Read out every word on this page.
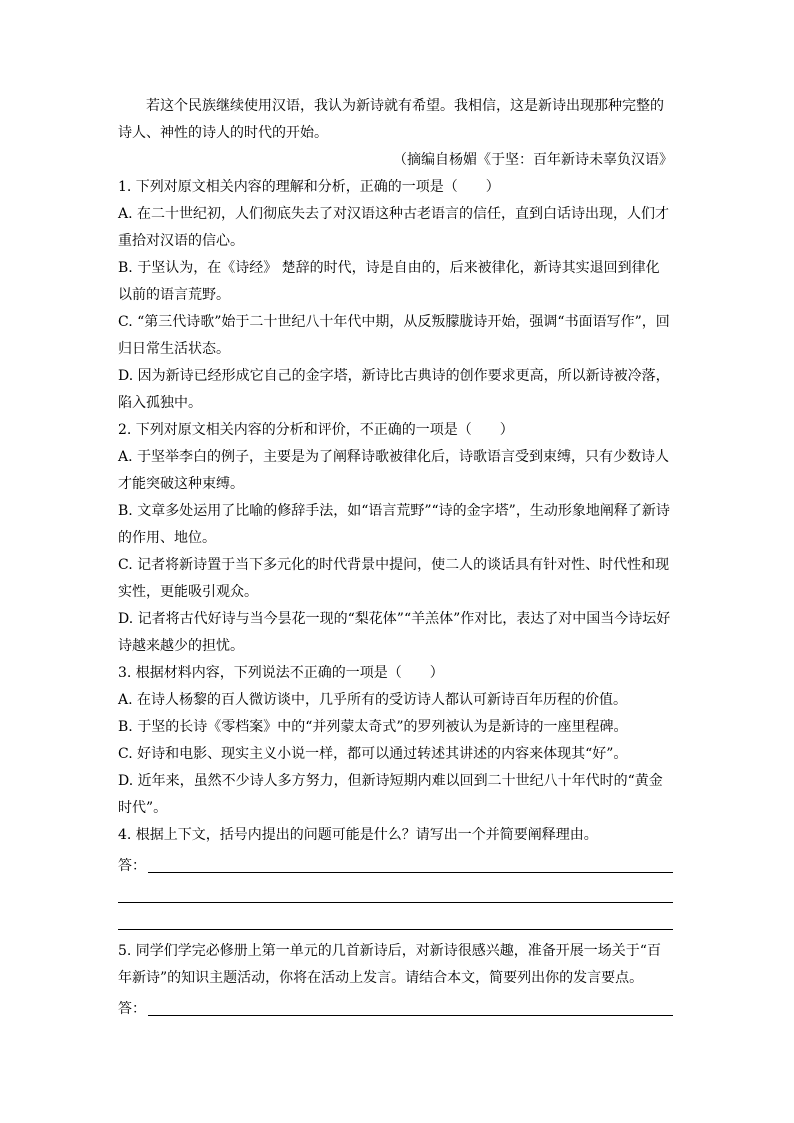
若这个民族继续使用汉语，我认为新诗就有希望。我相信，这是新诗出现那种完整的诗人、神性的诗人的时代的开始。

（摘编自杨媚《于坚：百年新诗未辜负汉语》

1. 下列对原文相关内容的理解和分析，正确的一项是（　　）

A. 在二十世纪初，人们彻底失去了对汉语这种古老语言的信任，直到白话诗出现，人们才重拾对汉语的信心。

B. 于坚认为，在《诗经》 楚辞的时代，诗是自由的，后来被律化，新诗其实退回到律化以前的语言荒野。

C. “第三代诗歌”始于二十世纪八十年代中期，从反叛朦胧诗开始，强调“书面语写作”，回归日常生活状态。

D. 因为新诗已经形成它自己的金字塔，新诗比古典诗的创作要求更高，所以新诗被冷落，陷入孤独中。

2. 下列对原文相关内容的分析和评价，不正确的一项是（　　）

A. 于坚举李白的例子，主要是为了阐释诗歌被律化后，诗歌语言受到束缚，只有少数诗人才能突破这种束缚。

B. 文章多处运用了比喻的修辞手法，如“语言荒野”“诗的金字塔”，生动形象地阐释了新诗的作用、地位。

C. 记者将新诗置于当下多元化的时代背景中提问，使二人的谈话具有针对性、时代性和现实性，更能吸引观众。

D. 记者将古代好诗与当今昙花一现的“梨花体”“羊羔体”作对比，表达了对中国当今诗坛好诗越来越少的担忧。

3. 根据材料内容，下列说法不正确的一项是（　　）

A. 在诗人杨黎的百人微访谈中，几乎所有的受访诗人都认可新诗百年历程的价值。

B. 于坚的长诗《零档案》中的“并列蒙太奇式”的罗列被认为是新诗的一座里程碑。

C. 好诗和电影、现实主义小说一样，都可以通过转述其讲述的内容来体现其“好”。

D. 近年来，虽然不少诗人多方努力，但新诗短期内难以回到二十世纪八十年代时的“黄金时代”。

4. 根据上下文，括号内提出的问题可能是什么？请写出一个并简要阐释理由。

答：

5. 同学们学完必修册上第一单元的几首新诗后，对新诗很感兴趣，准备开展一场关于“百年新诗”的知识主题活动，你将在活动上发言。请结合本文，简要列出你的发言要点。

答：
